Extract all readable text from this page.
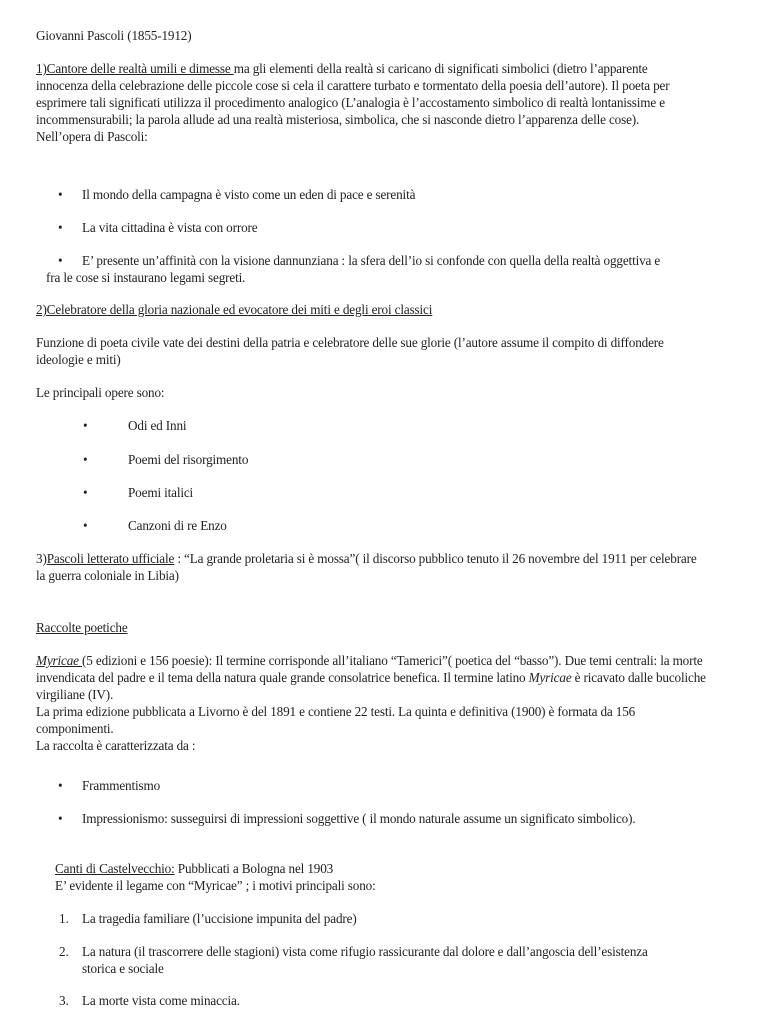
Giovanni Pascoli (1855-1912)

1)Cantore delle realtà umili e dimesse ma gli elementi della realtà si caricano di significati simbolici (dietro l’apparente innocenza della celebrazione delle piccole cose si cela il carattere turbato e tormentato della poesia dell’autore). Il poeta per esprimere tali significati utilizza il procedimento analogico (L’analogia è l’accostamento simbolico di realtà lontanissime e incommensurabili; la parola allude ad una realtà misteriosa, simbolica, che si nasconde dietro l’apparenza delle cose).

Nell’opera di Pascoli:

•	Il mondo della campagna è visto come un eden di pace e serenità
•	La vita cittadina è vista con orrore
•	E’ presente un’affinità con la visione dannunziana : la sfera dell’io si confonde con quella della realtà oggettiva e fra le cose si instaurano legami segreti.

2)Celebratore della gloria nazionale ed evocatore dei miti e degli eroi classici

Funzione di poeta civile vate dei destini della patria e celebratore delle sue glorie (l’autore assume il compito di diffondere ideologie e miti)

Le principali opere sono:

•	Odi ed Inni
•	Poemi del risorgimento
•	Poemi italici
•	Canzoni di re Enzo

3)Pascoli letterato ufficiale : “La grande proletaria si è mossa”( il discorso pubblico tenuto il 26 novembre del 1911 per celebrare la guerra coloniale in Libia)

Raccolte poetiche

Myricae (5 edizioni e 156 poesie): Il termine corrisponde all’italiano “Tamerici”( poetica del “basso”). Due temi centrali: la morte invendicata del padre e il tema della natura quale grande consolatrice benefica. Il termine latino Myricae è ricavato dalle bucoliche virgiliane (IV).

La prima edizione pubblicata a Livorno è del 1891 e contiene 22 testi. La quinta e definitiva (1900) è formata da 156 componimenti.

La raccolta è caratterizzata da :

•	Frammentismo
•	Impressionismo: susseguirsi di impressioni soggettive ( il mondo naturale assume un significato simbolico).

Canti di Castelvecchio: Pubblicati a Bologna nel 1903

E’ evidente il legame con “Myricae” ; i motivi principali sono:

1.	La tragedia familiare (l’uccisione impunita del padre)
2.	La natura (il trascorrere delle stagioni) vista come rifugio rassicurante dal dolore e dall’angoscia dell’esistenza storica e sociale
3.	La morte vista come minaccia.
